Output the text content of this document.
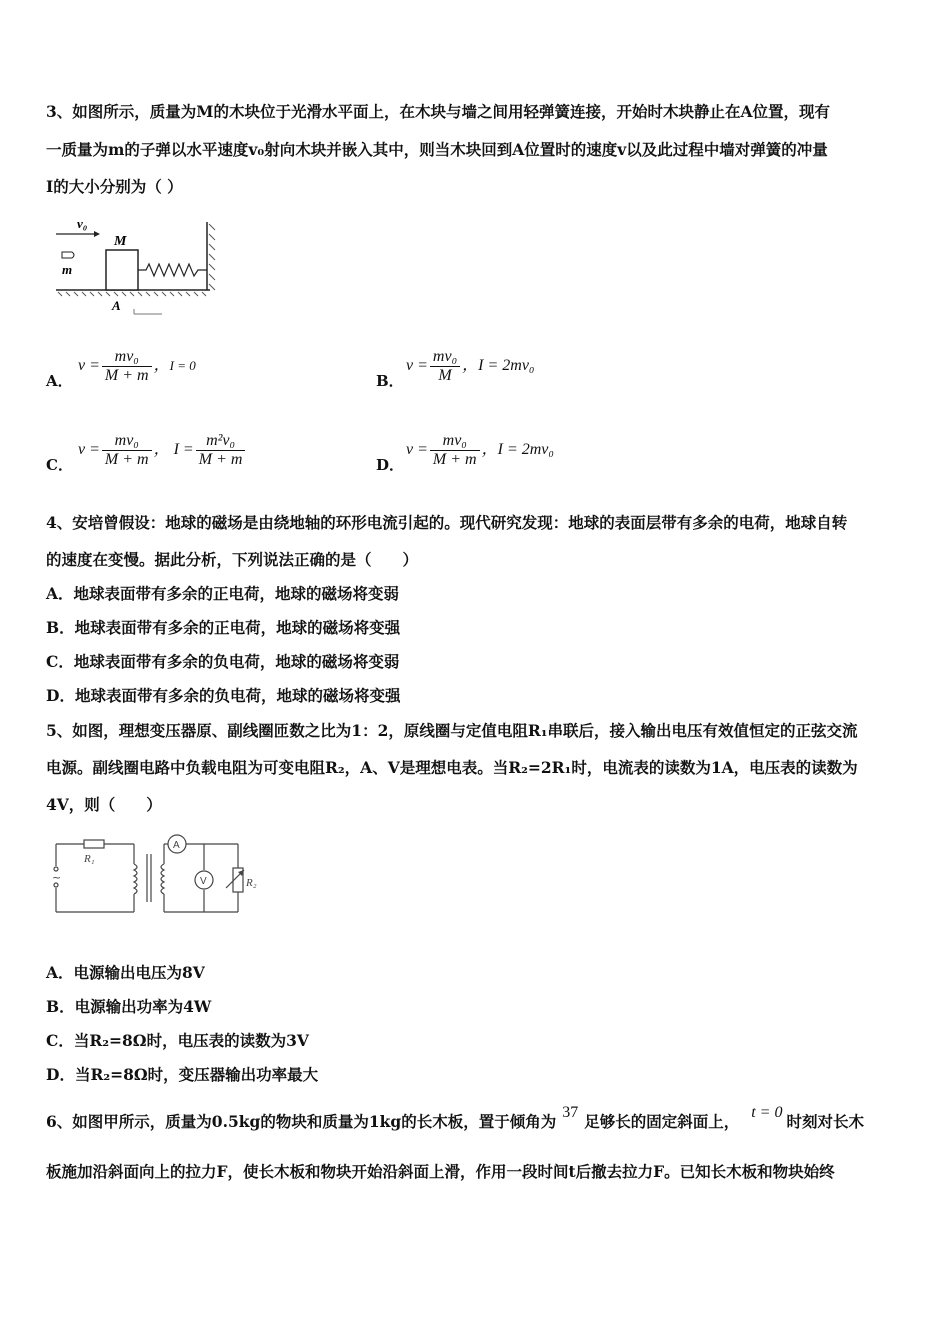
3、如图所示，质量为M的木块位于光滑水平面上，在木块与墙之间用轻弹簧连接，开始时木块静止在A位置，现有
一质量为m的子弹以水平速度v₀射向木块并嵌入其中，则当木块回到A位置时的速度v以及此过程中墙对弹簧的冲量
I的大小分别为（ ）
v₀
M
m
A
A．
$v = \frac{\text{mv₀}}{M + m}$ ，I = 0
B．
$v = \frac{\text{mv₀}}{M}$ ，I = 2mv₀
C．
$v = \frac{\text{mv₀}}{M + m}$ ， $I = \frac{\text{m²v₀}}{M + m}$	D．
$v = \frac{\text{mv₀}}{M + m}$ ，I = 2mv₀
4、安培曾假设：地球的磁场是由绕地轴的环形电流引起的。现代研究发现：地球的表面层带有多余的电荷，地球自转
的速度在变慢。据此分析，下列说法正确的是（　　）
A．地球表面带有多余的正电荷，地球的磁场将变弱
B．地球表面带有多余的正电荷，地球的磁场将变强
C．地球表面带有多余的负电荷，地球的磁场将变弱
D．地球表面带有多余的负电荷，地球的磁场将变强
5、如图，理想变压器原、副线圈匝数之比为1：2，原线圈与定值电阻R₁串联后，接入输出电压有效值恒定的正弦交流
电源。副线圈电路中负载电阻为可变电阻R₂，A、V是理想电表。当R₂=2R₁时，电流表的读数为1A，电压表的读数为
4V，则（　　）
~
R₁
A
V	R₂
A．电源输出电压为8V
B．电源输出功率为4W
C．当R₂=8Ω时，电压表的读数为3V
D．当R₂=8Ω时，变压器输出功率最大
6、如图甲所示，质量为0.5kg的物块和质量为1kg的长木板，置于倾角为 37 足够长的固定斜面上， t = 0 时刻对长木
板施加沿斜面向上的拉力F，使长木板和物块开始沿斜面上滑，作用一段时间t后撤去拉力F。已知长木板和物块始终
